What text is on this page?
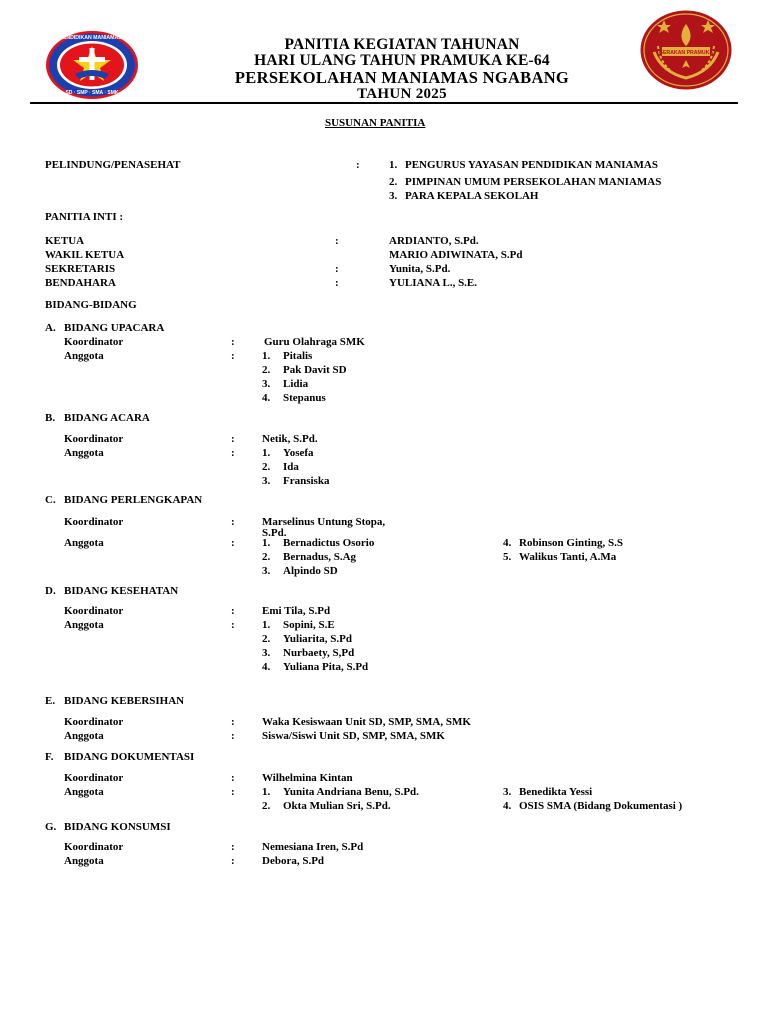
YAYASAN PENDIDIKAN MANIAMAS NGABANG
SD · SMP · SMA · SMK
GERAKAN PRAMUKA
PANITIA KEGIATAN TAHUNAN
HARI ULANG TAHUN PRAMUKA KE-64
PERSEKOLAHAN MANIAMAS NGABANG
TAHUN 2025
SUSUNAN PANITIA
PELINDUNG/PENASEHAT	:	1. PENGURUS YAYASAN PENDIDIKAN MANIAMAS
2. PIMPINAN UMUM PERSEKOLAHAN MANIAMAS
3. PARA KEPALA SEKOLAH
PANITIA INTI :
KETUA	:	ARDIANTO, S.Pd.
WAKIL KETUA	MARIO ADIWINATA, S.Pd
SEKRETARIS	:	Yunita, S.Pd.
BENDAHARA	:	YULIANA L., S.E.
BIDANG-BIDANG
A. BIDANG UPACARA
Koordinator	:	Guru Olahraga SMK
Anggota	: 1. Pitalis
2. Pak Davit SD
3. Lidia
4. Stepanus
B. BIDANG ACARA
Koordinator	: Netik, S.Pd.
Anggota	: 1. Yosefa
2. Ida
3. Fransiska
C. BIDANG PERLENGKAPAN
Koordinator	: Marselinus Untung Stopa,
S.Pd.
Anggota	: 1. Bernadictus Osorio
2. Bernadus, S.Ag
3. Alpindo SD
4. Robinson Ginting, S.S
5. Walikus Tanti, A.Ma
D. BIDANG KESEHATAN
Koordinator	: Emi Tila, S.Pd
Anggota	: 1. Sopini, S.E
2. Yuliarita, S.Pd
3. Nurbaety, S,Pd
4. Yuliana Pita, S.Pd
E. BIDANG KEBERSIHAN
Koordinator	: Waka Kesiswaan Unit SD, SMP, SMA, SMK
Anggota	: Siswa/Siswi Unit SD, SMP, SMA, SMK
F. BIDANG DOKUMENTASI
Koordinator	: Wilhelmina Kintan
Anggota	: 1. Yunita Andriana Benu, S.Pd.
2. Okta Mulian Sri, S.Pd.
3. Benedikta Yessi
4. OSIS SMA (Bidang Dokumentasi )
G. BIDANG KONSUMSI
Koordinator	: Nemesiana Iren, S.Pd
Anggota	: Debora, S.Pd
